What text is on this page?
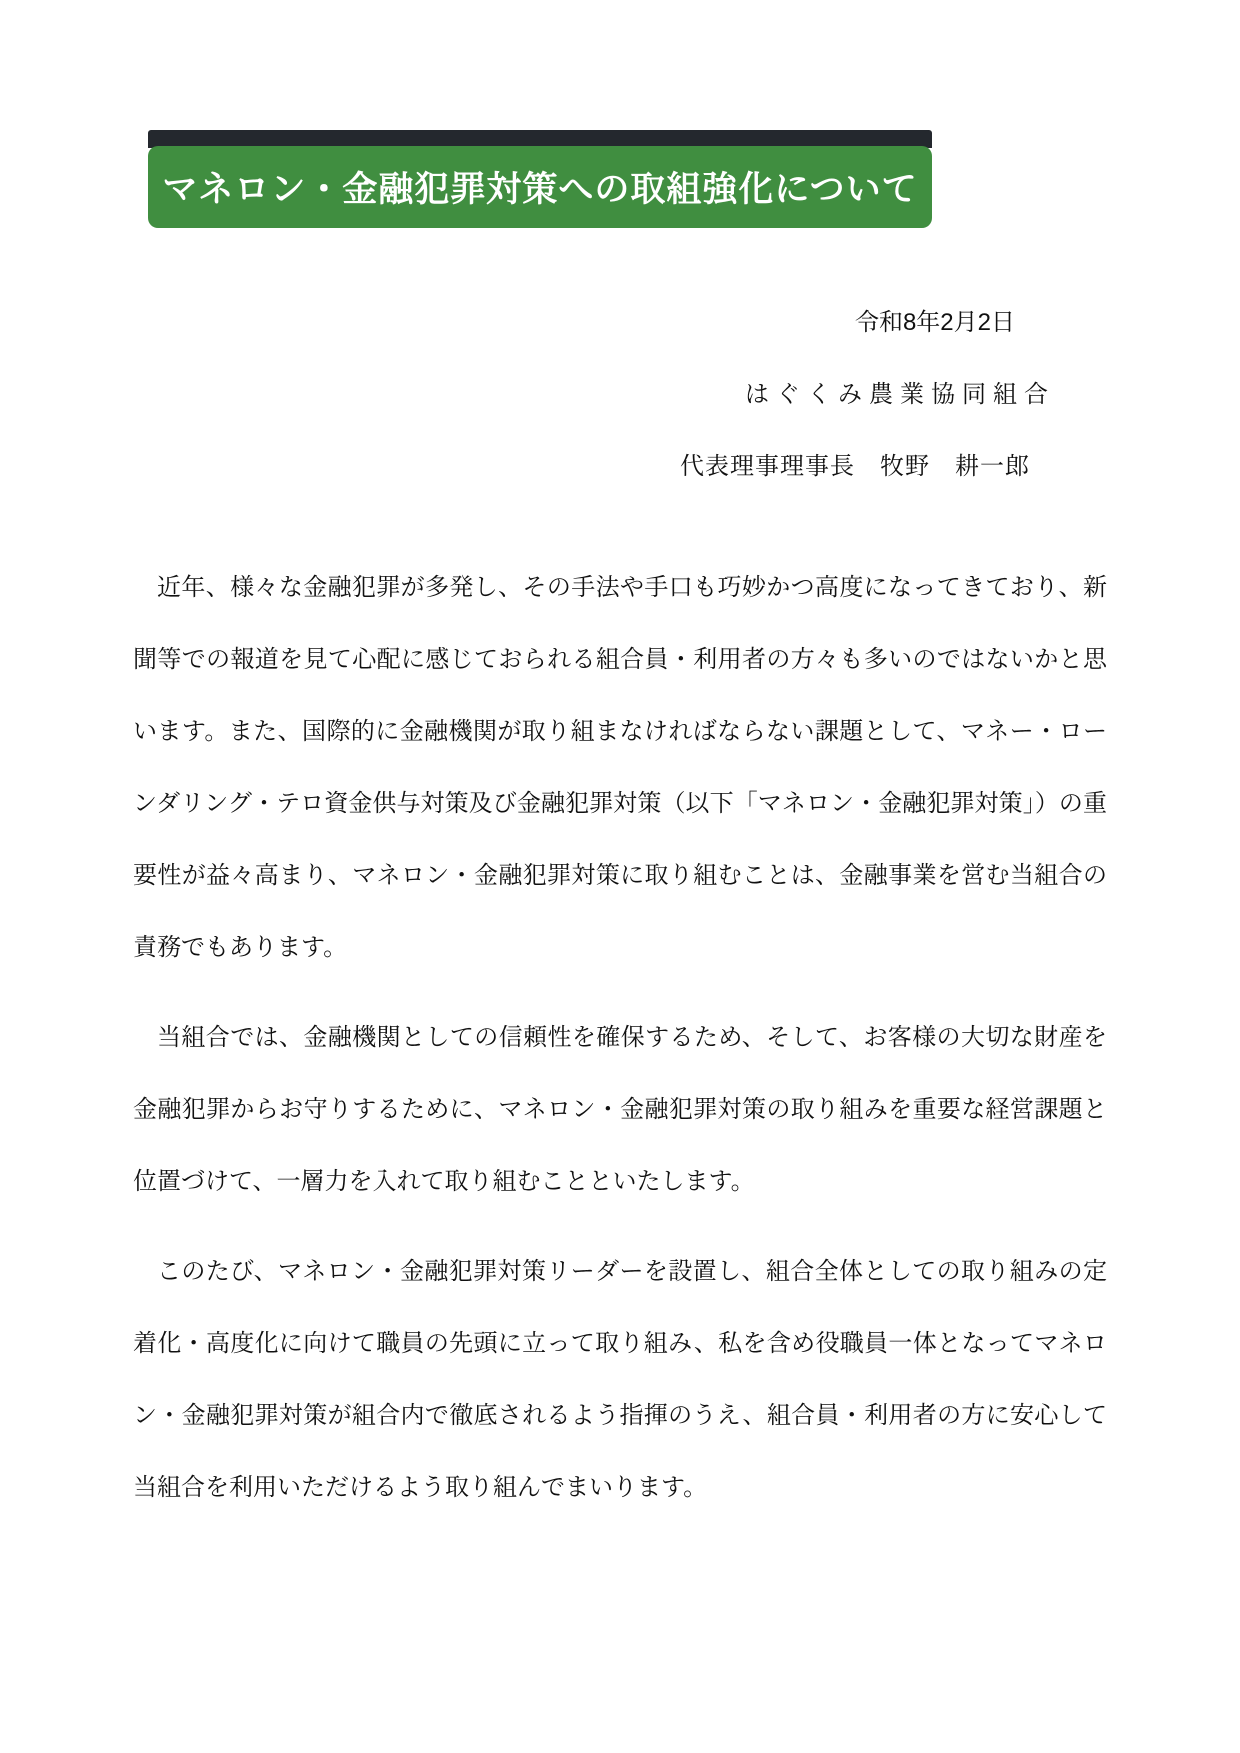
マネロン・金融犯罪対策への取組強化について
令和8年2月2日
はぐくみ農業協同組合
代表理事理事長　牧野　耕一郎

近年、様々な金融犯罪が多発し、その手法や手口も巧妙かつ高度になってきており、新聞等での報道を見て心配に感じておられる組合員・利用者の方々も多いのではないかと思います。また、国際的に金融機関が取り組まなければならない課題として、マネー・ローンダリング・テロ資金供与対策及び金融犯罪対策（以下「マネロン・金融犯罪対策」）の重要性が益々高まり、マネロン・金融犯罪対策に取り組むことは、金融事業を営む当組合の責務でもあります。

当組合では、金融機関としての信頼性を確保するため、そして、お客様の大切な財産を金融犯罪からお守りするために、マネロン・金融犯罪対策の取り組みを重要な経営課題と位置づけて、一層力を入れて取り組むことといたします。

このたび、マネロン・金融犯罪対策リーダーを設置し、組合全体としての取り組みの定着化・高度化に向けて職員の先頭に立って取り組み、私を含め役職員一体となってマネロン・金融犯罪対策が組合内で徹底されるよう指揮のうえ、組合員・利用者の方に安心して当組合を利用いただけるよう取り組んでまいります。
